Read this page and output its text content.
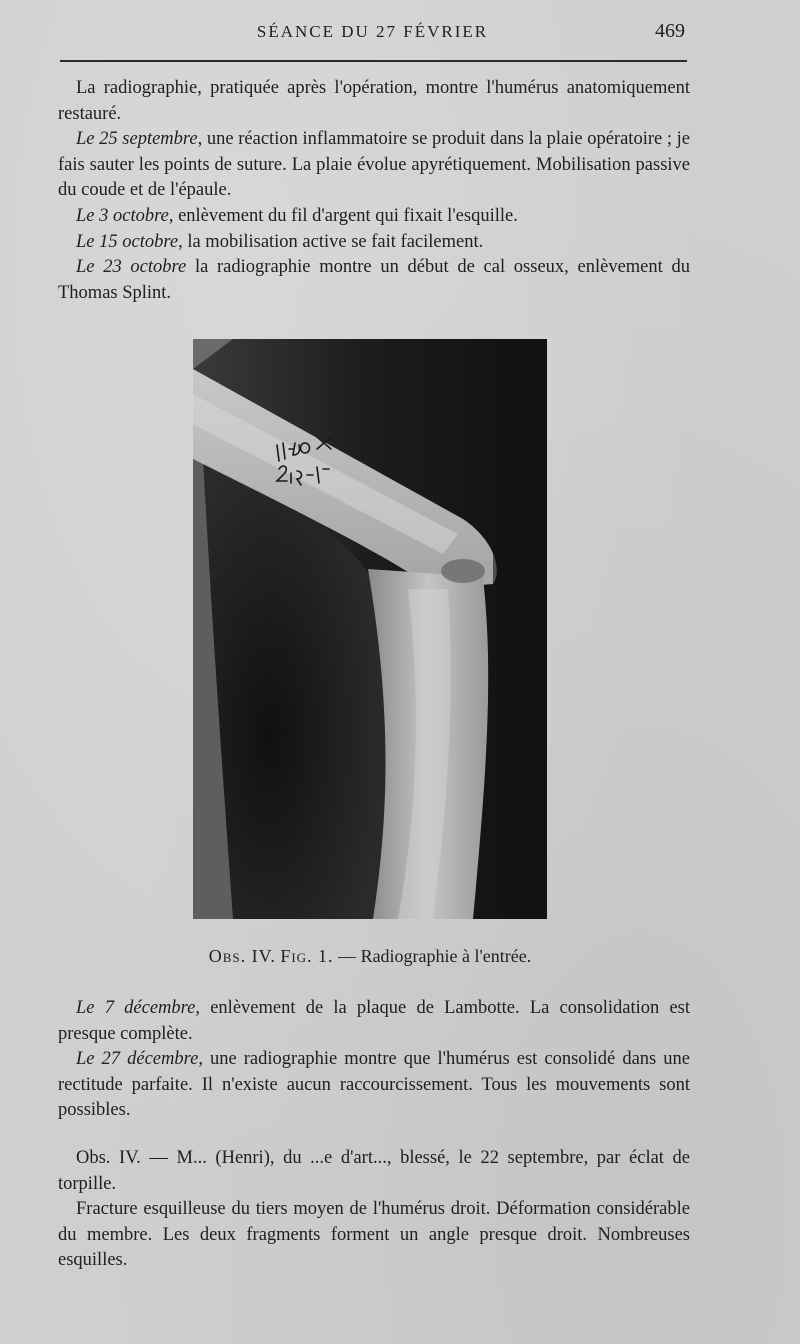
SÉANCE DU 27 FÉVRIER	469

La radiographie, pratiquée après l'opération, montre l'humérus anatomiquement restauré.

Le 25 septembre, une réaction inflammatoire se produit dans la plaie opératoire ; je fais sauter les points de suture. La plaie évolue apyrétiquement. Mobilisation passive du coude et de l'épaule.

Le 3 octobre, enlèvement du fil d'argent qui fixait l'esquille.

Le 15 octobre, la mobilisation active se fait facilement.

Le 23 octobre la radiographie montre un début de cal osseux, enlèvement du Thomas Splint.

Obs. IV. Fig. 1. — Radiographie à l'entrée.

Le 7 décembre, enlèvement de la plaque de Lambotte. La consolidation est presque complète.

Le 27 décembre, une radiographie montre que l'humérus est consolidé dans une rectitude parfaite. Il n'existe aucun raccourcissement. Tous les mouvements sont possibles.

Obs. IV. — M... (Henri), du ...e d'art..., blessé, le 22 septembre, par éclat de torpille.

Fracture esquilleuse du tiers moyen de l'humérus droit. Déformation considérable du membre. Les deux fragments forment un angle presque droit. Nombreuses esquilles.
